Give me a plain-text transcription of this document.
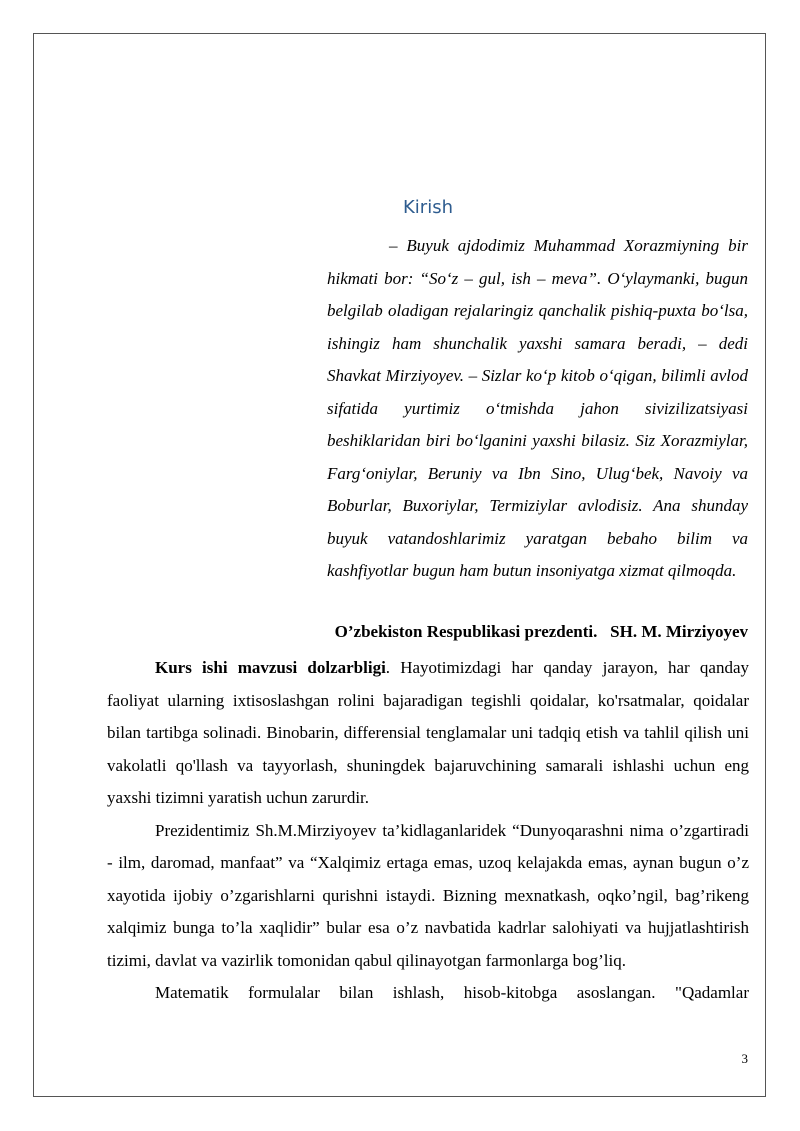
Kirish

– Buyuk ajdodimiz Muhammad Xorazmiyning bir hikmati bor: “So‘z – gul, ish – meva”. O‘ylaymanki, bugun belgilab oladigan rejalaringiz qanchalik pishiq-puxta bo‘lsa, ishingiz ham shunchalik yaxshi samara beradi, – dedi Shavkat Mirziyoyev. – Sizlar ko‘p kitob o‘qigan, bilimli avlod sifatida yurtimiz o‘tmishda jahon sivizilizatsiyasi beshiklaridan biri bo‘lganini yaxshi bilasiz. Siz Xorazmiylar, Farg‘oniylar, Beruniy va Ibn Sino, Ulug‘bek, Navoiy va Boburlar, Buxoriylar, Termiziylar avlodisiz. Ana shunday buyuk vatandoshlarimiz yaratgan bebaho bilim va kashfiyotlar bugun ham butun insoniyatga xizmat qilmoqda.

O’zbekiston Respublikasi prezdenti.   SH. M. Mirziyoyev

Kurs ishi mavzusi dolzarbligi. Hayotimizdagi har qanday jarayon, har qanday faoliyat ularning ixtisoslashgan rolini bajaradigan tegishli qoidalar, ko'rsatmalar, qoidalar bilan tartibga solinadi. Binobarin, differensial tenglamalar uni tadqiq etish va tahlil qilish uni vakolatli qo'llash va tayyorlash, shuningdek bajaruvchining samarali ishlashi uchun eng yaxshi tizimni yaratish uchun zarurdir.

Prezidentimiz Sh.M.Mirziyoyev ta’kidlaganlaridek “Dunyoqarashni nima o’zgartiradi - ilm, daromad, manfaat” va “Xalqimiz ertaga emas, uzoq kelajakda emas, aynan bugun o’z xayotida ijobiy o’zgarishlarni qurishni istaydi. Bizning mexnatkash, oqko’ngil, bag’rikeng xalqimiz bunga to’la xaqlidir” bular esa o’z navbatida kadrlar salohiyati va hujjatlashtirish tizimi, davlat va vazirlik tomonidan qabul qilinayotgan farmonlarga bog’liq.

Matematik formulalar bilan ishlash, hisob-kitobga asoslangan. "Qadamlar

3
